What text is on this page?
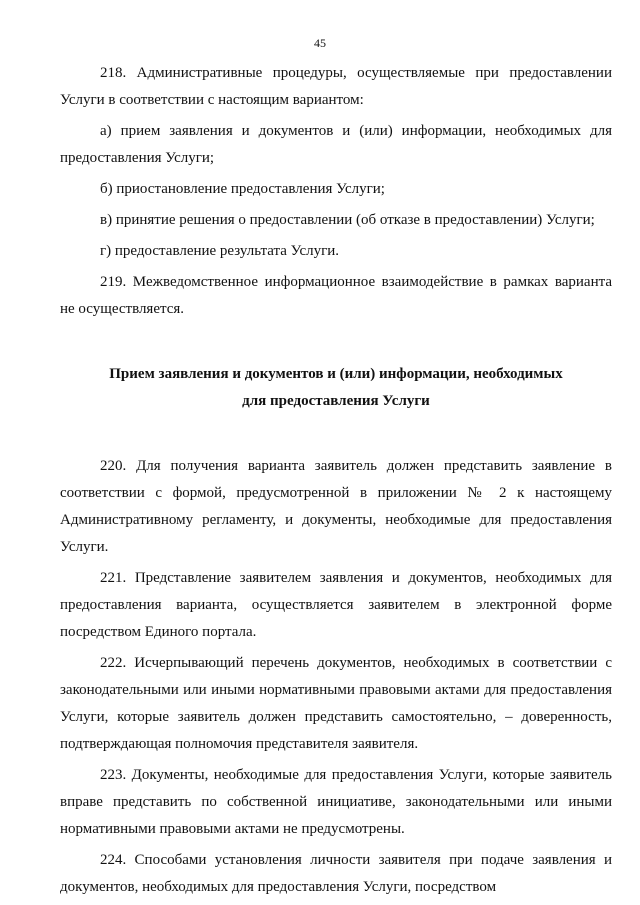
45

218. Административные процедуры, осуществляемые при предоставлении Услуги в соответствии с настоящим вариантом:

а) прием заявления и документов и (или) информации, необходимых для предоставления Услуги;

б) приостановление предоставления Услуги;

в) принятие решения о предоставлении (об отказе в предоставлении) Услуги;

г) предоставление результата Услуги.

219. Межведомственное информационное взаимодействие в рамках варианта не осуществляется.

Прием заявления и документов и (или) информации, необходимых
для предоставления Услуги

220. Для получения варианта заявитель должен представить заявление в соответствии с формой, предусмотренной в приложении № 2 к настоящему Административному регламенту, и документы, необходимые для предоставления Услуги.

221. Представление заявителем заявления и документов, необходимых для предоставления варианта, осуществляется заявителем в электронной форме посредством Единого портала.

222. Исчерпывающий перечень документов, необходимых в соответствии с законодательными или иными нормативными правовыми актами для предоставления Услуги, которые заявитель должен представить самостоятельно, – доверенность, подтверждающая полномочия представителя заявителя.

223. Документы, необходимые для предоставления Услуги, которые заявитель вправе представить по собственной инициативе, законодательными или иными нормативными правовыми актами не предусмотрены.

224. Способами установления личности заявителя при подаче заявления и документов, необходимых для предоставления Услуги, посредством
